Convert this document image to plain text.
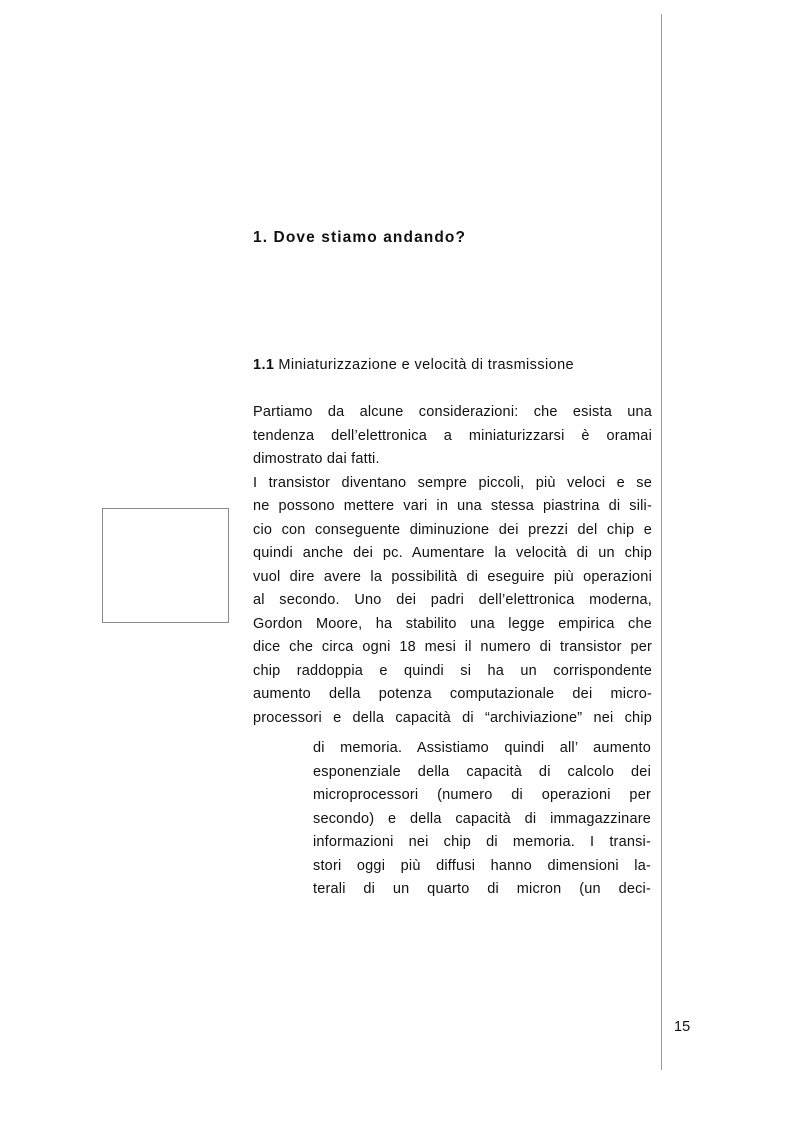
1. Dove stiamo andando?
1.1 Miniaturizzazione e velocità di trasmissione
Partiamo da alcune considerazioni: che esista una
tendenza dell’elettronica a miniaturizzarsi è oramai
dimostrato dai fatti.
I transistor diventano sempre piccoli, più veloci e se
ne possono mettere vari in una stessa piastrina di sili-
cio con conseguente diminuzione dei prezzi del chip e
quindi anche dei pc. Aumentare la velocità di un chip
vuol dire avere la possibilità di eseguire più operazioni
al secondo. Uno dei padri dell’elettronica moderna,
Gordon Moore, ha stabilito una legge empirica che
dice che circa ogni 18 mesi il numero di transistor per
chip raddoppia e quindi si ha un corrispondente
aumento della potenza computazionale dei micro-
processori e della capacità di “archiviazione” nei chip
di memoria. Assistiamo quindi all’ aumento
esponenziale della capacità di calcolo dei
microprocessori (numero di operazioni per
secondo) e della capacità di immagazzinare
informazioni nei chip di memoria. I transi-
stori oggi più diffusi hanno dimensioni la-
terali di un quarto di micron (un deci-
15
